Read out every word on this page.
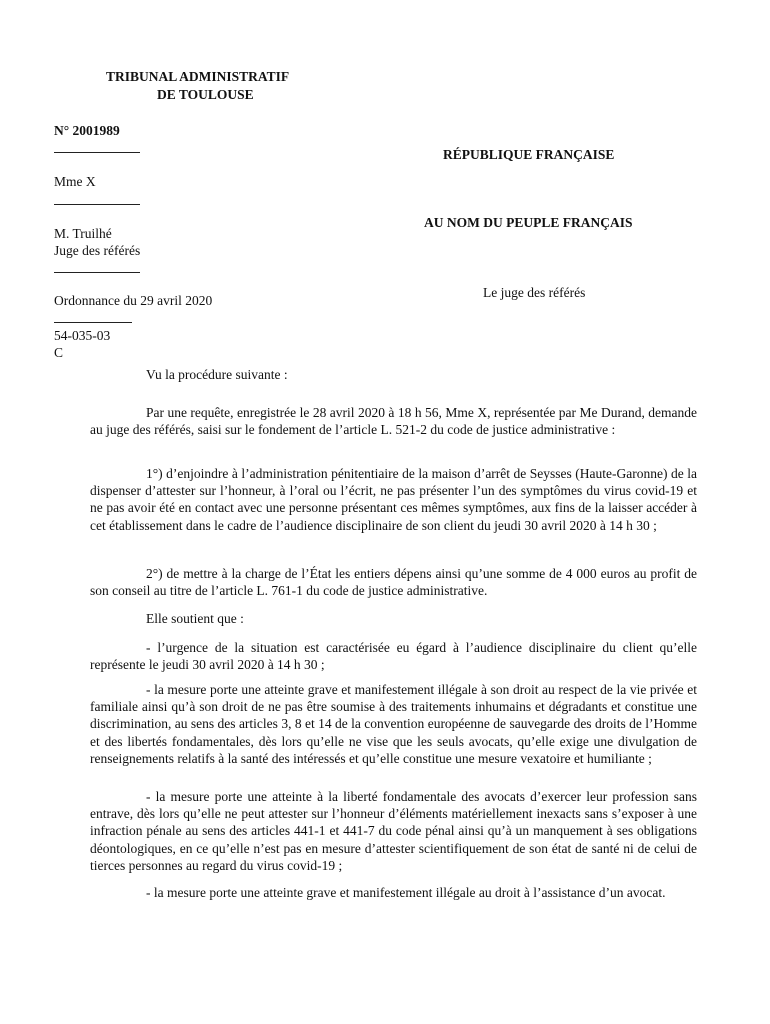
TRIBUNAL ADMINISTRATIF
DE TOULOUSE
N° 2001989
Mme X
M. Truilhé
Juge des référés
Ordonnance du 29 avril 2020
54-035-03
C
RÉPUBLIQUE FRANÇAISE
AU NOM DU PEUPLE FRANÇAIS
Le juge des référés
Vu la procédure suivante :

Par une requête, enregistrée le 28 avril 2020 à 18 h 56, Mme X, représentée par Me Durand, demande au juge des référés, saisi sur le fondement de l’article L. 521-2 du code de justice administrative :

1°) d’enjoindre à l’administration pénitentiaire de la maison d’arrêt de Seysses (Haute-Garonne) de la dispenser d’attester sur l’honneur, à l’oral ou l’écrit, ne pas présenter l’un des symptômes du virus covid-19 et ne pas avoir été en contact avec une personne présentant ces mêmes symptômes, aux fins de la laisser accéder à cet établissement dans le cadre de l’audience disciplinaire de son client du jeudi 30 avril 2020 à 14 h 30 ;

2°) de mettre à la charge de l’État les entiers dépens ainsi qu’une somme de 4 000 euros au profit de son conseil au titre de l’article L. 761-1 du code de justice administrative.

Elle soutient que :

- l’urgence de la situation est caractérisée eu égard à l’audience disciplinaire du client qu’elle représente le jeudi 30 avril 2020 à 14 h 30 ;

- la mesure porte une atteinte grave et manifestement illégale à son droit au respect de la vie privée et familiale ainsi qu’à son droit de ne pas être soumise à des traitements inhumains et dégradants et constitue une discrimination, au sens des articles 3, 8 et 14 de la convention européenne de sauvegarde des droits de l’Homme et des libertés fondamentales, dès lors qu’elle ne vise que les seuls avocats, qu’elle exige une divulgation de renseignements relatifs à la santé des intéressés et qu’elle constitue une mesure vexatoire et humiliante ;

- la mesure porte une atteinte à la liberté fondamentale des avocats d’exercer leur profession sans entrave, dès lors qu’elle ne peut attester sur l’honneur d’éléments matériellement inexacts sans s’exposer à une infraction pénale au sens des articles 441-1 et 441-7 du code pénal ainsi qu’à un manquement à ses obligations déontologiques, en ce qu’elle n’est pas en mesure d’attester scientifiquement de son état de santé ni de celui de tierces personnes au regard du virus covid-19 ;

- la mesure porte une atteinte grave et manifestement illégale au droit à l’assistance d’un avocat.
